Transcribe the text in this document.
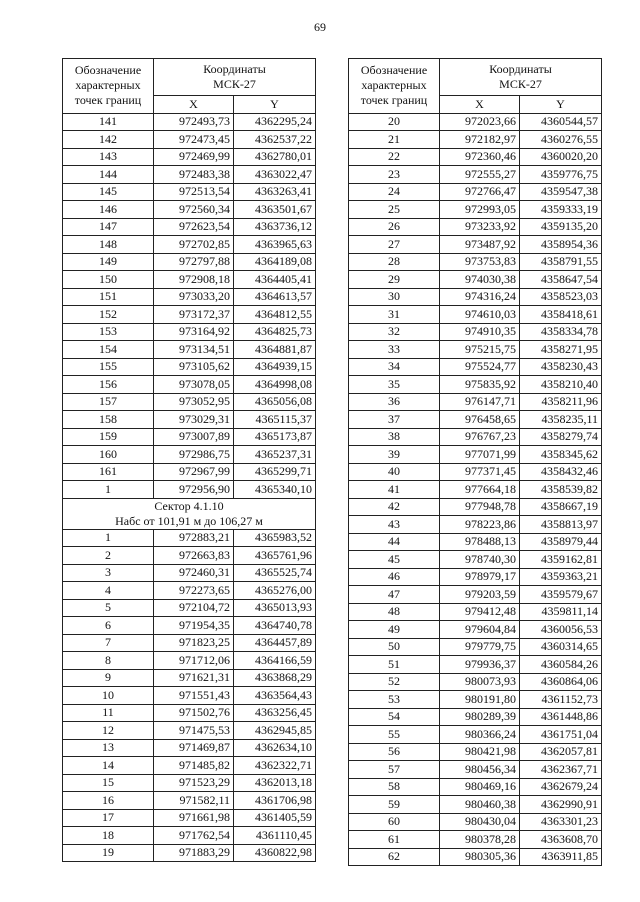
69
Обозначение
характерных
точек границ	Координаты
МСК-27	
	X	Y
141	972493,73	4362295,24
142	972473,45	4362537,22
143	972469,99	4362780,01
144	972483,38	4363022,47
145	972513,54	4363263,41
146	972560,34	4363501,67
147	972623,54	4363736,12
148	972702,85	4363965,63
149	972797,88	4364189,08
150	972908,18	4364405,41
151	973033,20	4364613,57
152	973172,37	4364812,55
153	973164,92	4364825,73
154	973134,51	4364881,87
155	973105,62	4364939,15
156	973078,05	4364998,08
157	973052,95	4365056,08
158	973029,31	4365115,37
159	973007,89	4365173,87
160	972986,75	4365237,31
161	972967,99	4365299,71
1	972956,90	4365340,10
Сектор 4.1.10
Набс от 101,91 м до 106,27 м		
1	972883,21	4365983,52
2	972663,83	4365761,96
3	972460,31	4365525,74
4	972273,65	4365276,00
5	972104,72	4365013,93
6	971954,35	4364740,78
7	971823,25	4364457,89
8	971712,06	4364166,59
9	971621,31	4363868,29
10	971551,43	4363564,43
11	971502,76	4363256,45
12	971475,53	4362945,85
13	971469,87	4362634,10
14	971485,82	4362322,71
15	971523,29	4362013,18
16	971582,11	4361706,98
17	971661,98	4361405,59
18	971762,54	4361110,45
19	971883,29	4360822,98
Обозначение
характерных
точек границ	Координаты
МСК-27	
	X	Y
20	972023,66	4360544,57
21	972182,97	4360276,55
22	972360,46	4360020,20
23	972555,27	4359776,75
24	972766,47	4359547,38
25	972993,05	4359333,19
26	973233,92	4359135,20
27	973487,92	4358954,36
28	973753,83	4358791,55
29	974030,38	4358647,54
30	974316,24	4358523,03
31	974610,03	4358418,61
32	974910,35	4358334,78
33	975215,75	4358271,95
34	975524,77	4358230,43
35	975835,92	4358210,40
36	976147,71	4358211,96
37	976458,65	4358235,11
38	976767,23	4358279,74
39	977071,99	4358345,62
40	977371,45	4358432,46
41	977664,18	4358539,82
42	977948,78	4358667,19
43	978223,86	4358813,97
44	978488,13	4358979,44
45	978740,30	4359162,81
46	978979,17	4359363,21
47	979203,59	4359579,67
48	979412,48	4359811,14
49	979604,84	4360056,53
50	979779,75	4360314,65
51	979936,37	4360584,26
52	980073,93	4360864,06
53	980191,80	4361152,73
54	980289,39	4361448,86
55	980366,24	4361751,04
56	980421,98	4362057,81
57	980456,34	4362367,71
58	980469,16	4362679,24
59	980460,38	4362990,91
60	980430,04	4363301,23
61	980378,28	4363608,70
62	980305,36	4363911,85
